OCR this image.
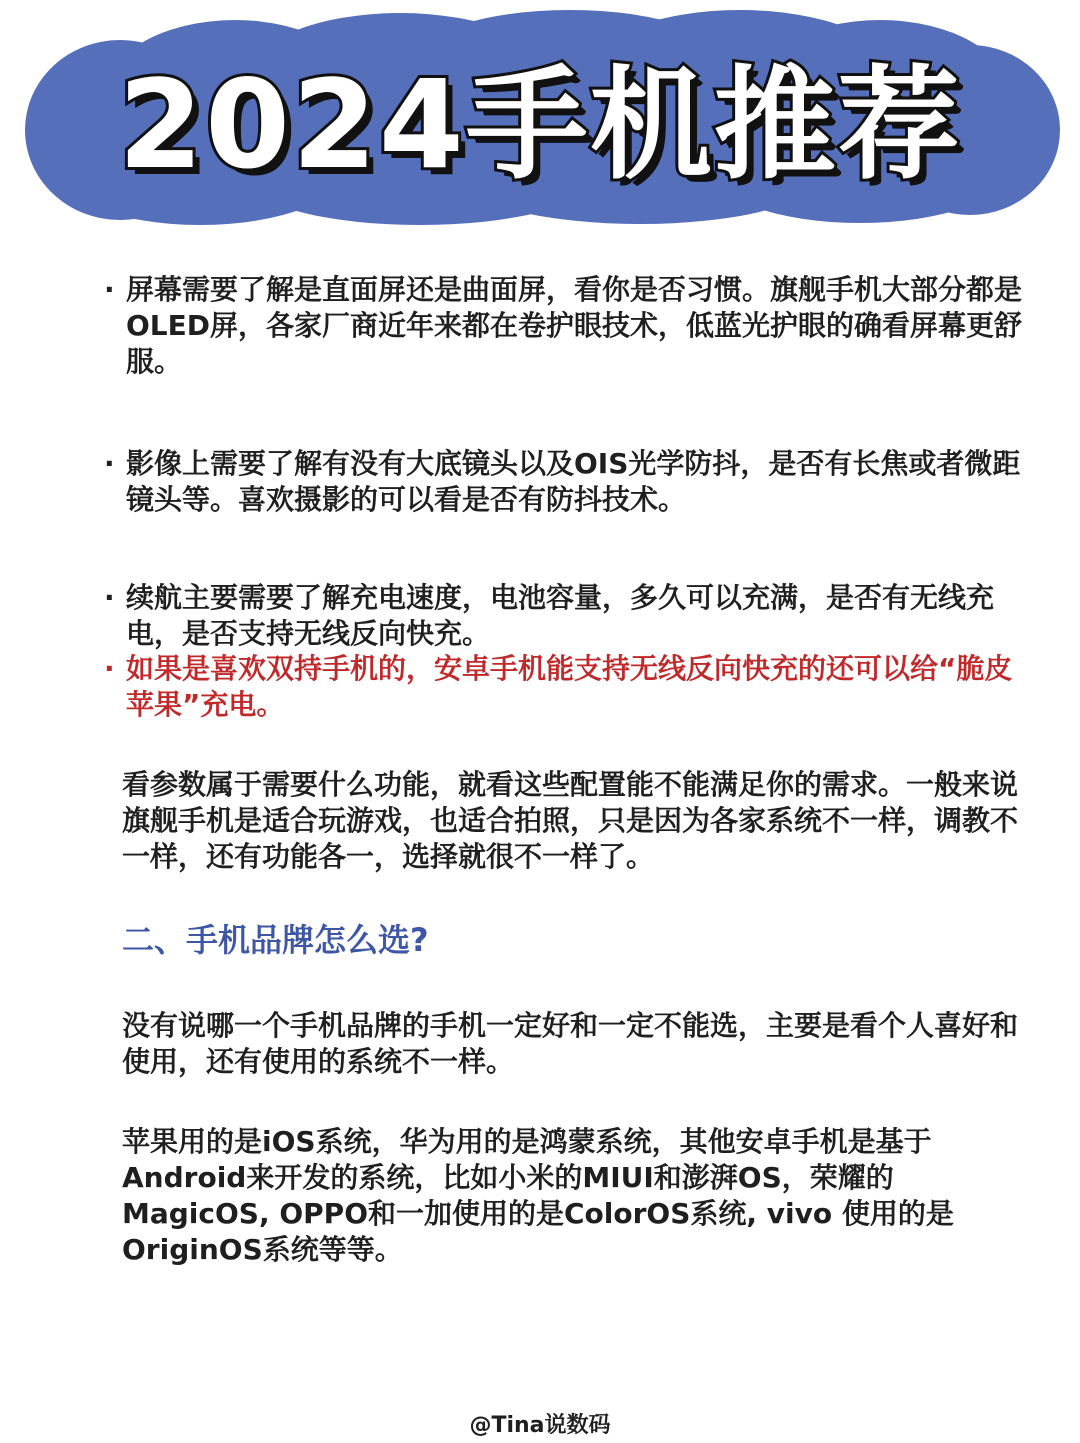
2024手机推荐
· 屏幕需要了解是直面屏还是曲面屏，看你是否习惯。旗舰手机大部分都是OLED屏，各家厂商近年来都在卷护眼技术，低蓝光护眼的确看屏幕更舒服。
· 影像上需要了解有没有大底镜头以及OIS光学防抖，是否有长焦或者微距镜头等。喜欢摄影的可以看是否有防抖技术。
· 续航主要需要了解充电速度，电池容量，多久可以充满，是否有无线充电，是否支持无线反向快充。
· 如果是喜欢双持手机的，安卓手机能支持无线反向快充的还可以给“脆皮苹果”充电。
看参数属于需要什么功能，就看这些配置能不能满足你的需求。一般来说旗舰手机是适合玩游戏，也适合拍照，只是因为各家系统不一样，调教不一样，还有功能各一，选择就很不一样了。
二、手机品牌怎么选?
没有说哪一个手机品牌的手机一定好和一定不能选，主要是看个人喜好和使用，还有使用的系统不一样。
苹果用的是iOS系统，华为用的是鸿蒙系统，其他安卓手机是基于Android来开发的系统，比如小米的MIUI和澎湃OS，荣耀的MagicOS, OPPO和一加使用的是ColorOS系统, vivo 使用的是OriginOS系统等等。
@Tina说数码
